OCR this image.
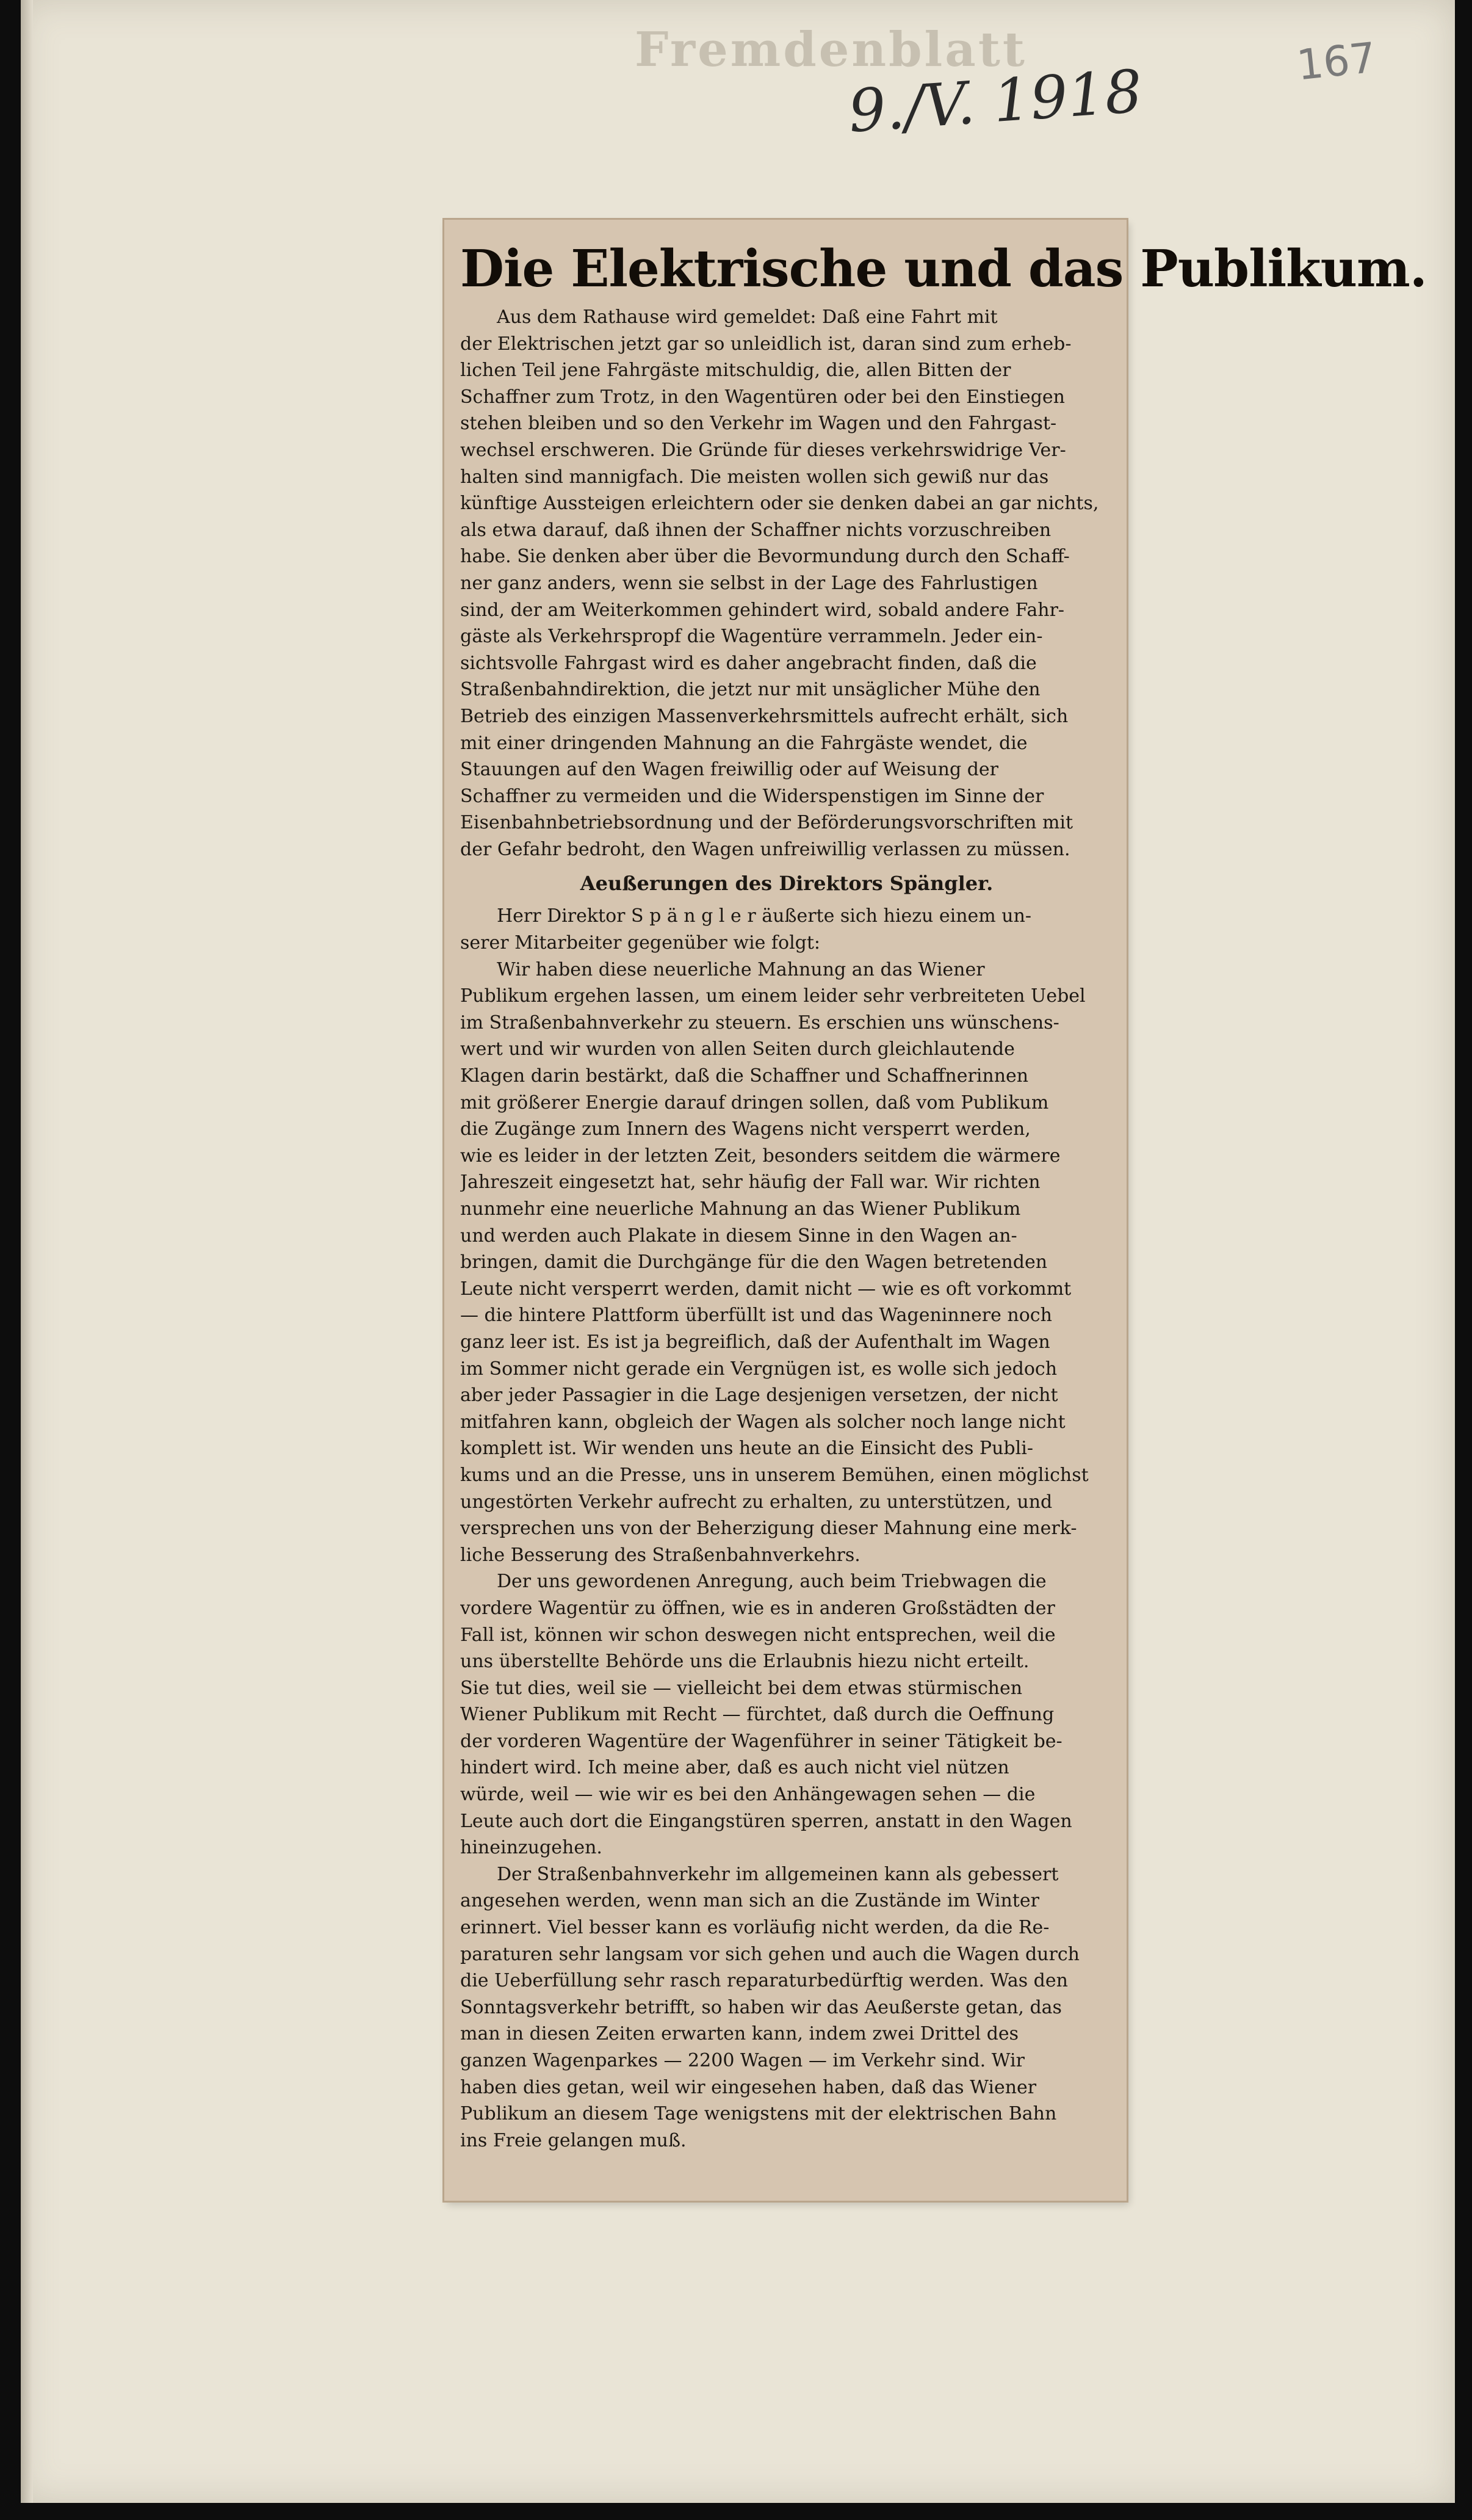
Fremdenblatt
9./V. 1918	167
Die Elektrische und das Publikum.
Aus dem Rathause wird gemeldet: Daß eine Fahrt mit
der Elektrischen jetzt gar so unleidlich ist, daran sind zum erheb-
lichen Teil jene Fahrgäste mitschuldig, die, allen Bitten der
Schaffner zum Trotz, in den Wagentüren oder bei den Einstiegen
stehen bleiben und so den Verkehr im Wagen und den Fahrgast-
wechsel erschweren. Die Gründe für dieses verkehrswidrige Ver-
halten sind mannigfach. Die meisten wollen sich gewiß nur das
künftige Aussteigen erleichtern oder sie denken dabei an gar nichts,
als etwa darauf, daß ihnen der Schaffner nichts vorzuschreiben
habe. Sie denken aber über die Bevormundung durch den Schaff-
ner ganz anders, wenn sie selbst in der Lage des Fahrlustigen
sind, der am Weiterkommen gehindert wird, sobald andere Fahr-
gäste als Verkehrspropf die Wagentüre verrammeln. Jeder ein-
sichtsvolle Fahrgast wird es daher angebracht finden, daß die
Straßenbahndirektion, die jetzt nur mit unsäglicher Mühe den
Betrieb des einzigen Massenverkehrsmittels aufrecht erhält, sich
mit einer dringenden Mahnung an die Fahrgäste wendet, die
Stauungen auf den Wagen freiwillig oder auf Weisung der
Schaffner zu vermeiden und die Widerspenstigen im Sinne der
Eisenbahnbetriebsordnung und der Beförderungsvorschriften mit
der Gefahr bedroht, den Wagen unfreiwillig verlassen zu müssen.
Aeußerungen des Direktors Spängler.
Herr Direktor S p ä n g l e r äußerte sich hiezu einem un-
serer Mitarbeiter gegenüber wie folgt:
Wir haben diese neuerliche Mahnung an das Wiener
Publikum ergehen lassen, um einem leider sehr verbreiteten Uebel
im Straßenbahnverkehr zu steuern. Es erschien uns wünschens-
wert und wir wurden von allen Seiten durch gleichlautende
Klagen darin bestärkt, daß die Schaffner und Schaffnerinnen
mit größerer Energie darauf dringen sollen, daß vom Publikum
die Zugänge zum Innern des Wagens nicht versperrt werden,
wie es leider in der letzten Zeit, besonders seitdem die wärmere
Jahreszeit eingesetzt hat, sehr häufig der Fall war. Wir richten
nunmehr eine neuerliche Mahnung an das Wiener Publikum
und werden auch Plakate in diesem Sinne in den Wagen an-
bringen, damit die Durchgänge für die den Wagen betretenden
Leute nicht versperrt werden, damit nicht — wie es oft vorkommt
— die hintere Plattform überfüllt ist und das Wageninnere noch
ganz leer ist. Es ist ja begreiflich, daß der Aufenthalt im Wagen
im Sommer nicht gerade ein Vergnügen ist, es wolle sich jedoch
aber jeder Passagier in die Lage desjenigen versetzen, der nicht
mitfahren kann, obgleich der Wagen als solcher noch lange nicht
komplett ist. Wir wenden uns heute an die Einsicht des Publi-
kums und an die Presse, uns in unserem Bemühen, einen möglichst
ungestörten Verkehr aufrecht zu erhalten, zu unterstützen, und
versprechen uns von der Beherzigung dieser Mahnung eine merk-
liche Besserung des Straßenbahnverkehrs.
Der uns gewordenen Anregung, auch beim Triebwagen die
vordere Wagentür zu öffnen, wie es in anderen Großstädten der
Fall ist, können wir schon deswegen nicht entsprechen, weil die
uns überstellte Behörde uns die Erlaubnis hiezu nicht erteilt.
Sie tut dies, weil sie — vielleicht bei dem etwas stürmischen
Wiener Publikum mit Recht — fürchtet, daß durch die Oeffnung
der vorderen Wagentüre der Wagenführer in seiner Tätigkeit be-
hindert wird. Ich meine aber, daß es auch nicht viel nützen
würde, weil — wie wir es bei den Anhängewagen sehen — die
Leute auch dort die Eingangstüren sperren, anstatt in den Wagen
hineinzugehen.
Der Straßenbahnverkehr im allgemeinen kann als gebessert
angesehen werden, wenn man sich an die Zustände im Winter
erinnert. Viel besser kann es vorläufig nicht werden, da die Re-
paraturen sehr langsam vor sich gehen und auch die Wagen durch
die Ueberfüllung sehr rasch reparaturbedürftig werden. Was den
Sonntagsverkehr betrifft, so haben wir das Aeußerste getan, das
man in diesen Zeiten erwarten kann, indem zwei Drittel des
ganzen Wagenparkes — 2200 Wagen — im Verkehr sind. Wir
haben dies getan, weil wir eingesehen haben, daß das Wiener
Publikum an diesem Tage wenigstens mit der elektrischen Bahn
ins Freie gelangen muß.
